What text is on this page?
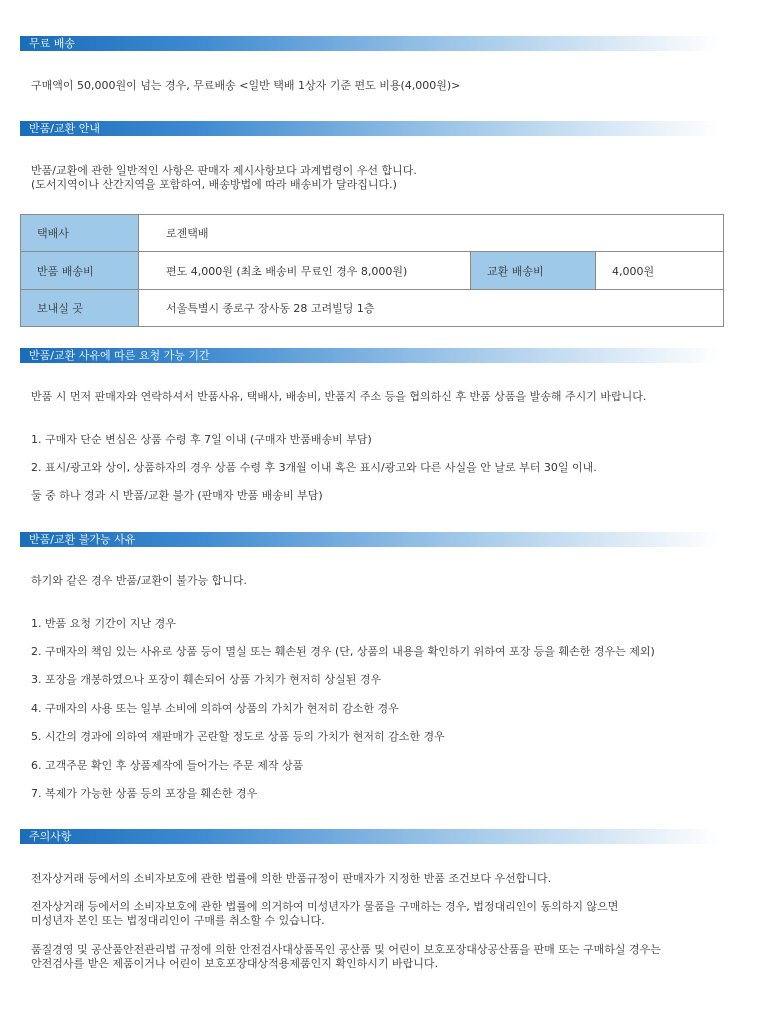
무료 배송
구매액이 50,000원이 넘는 경우, 무료배송 <일반 택배 1상자 기준 편도 비용(4,000원)>
반품/교환 안내
반품/교환에 관한 일반적인 사항은 판매자 제시사항보다 과계법령이 우선 합니다.
(도서지역이나 산간지역을 포함하여, 배송방법에 따라 배송비가 달라집니다.)
택배사	로젠택배		
반품 배송비	편도 4,000원 (최초 배송비 무료인 경우 8,000원)	교환 배송비	4,000원
보내실 곳	서울특별시 종로구 장사동 28 고려빌딩 1층		
반품/교환 사유에 따른 요청 가능 기간
반품 시 먼저 판매자와 연락하셔서 반품사유, 택배사, 배송비, 반품지 주소 등을 협의하신 후 반품 상품을 발송해 주시기 바랍니다.
1. 구매자 단순 변심은 상품 수령 후 7일 이내 (구매자 반품배송비 부담)
2. 표시/광고와 상이, 상품하자의 경우 상품 수령 후 3개월 이내 혹은 표시/광고와 다른 사실을 안 날로 부터 30일 이내.
둘 중 하나 경과 시 반품/교환 불가 (판매자 반품 배송비 부담)
반품/교환 불가능 사유
하기와 같은 경우 반품/교환이 불가능 합니다.
1. 반품 요청 기간이 지난 경우
2. 구매자의 책임 있는 사유로 상품 등이 멸실 또는 훼손된 경우 (단, 상품의 내용을 확인하기 위하여 포장 등을 훼손한 경우는 제외)
3. 포장을 개봉하였으나 포장이 훼손되어 상품 가치가 현저히 상실된 경우
4. 구매자의 사용 또는 일부 소비에 의하여 상품의 가치가 현저히 감소한 경우
5. 시간의 경과에 의하여 재판매가 곤란할 정도로 상품 등의 가치가 현저히 감소한 경우
6. 고객주문 확인 후 상품제작에 들어가는 주문 제작 상품
7. 복제가 가능한 상품 등의 포장을 훼손한 경우
주의사항
전자상거래 등에서의 소비자보호에 관한 법률에 의한 반품규정이 판매자가 지정한 반품 조건보다 우선합니다.
전자상거래 등에서의 소비자보호에 관한 법률에 의거하여 미성년자가 물품을 구매하는 경우, 법정대리인이 동의하지 않으면
미성년자 본인 또는 법정대리인이 구매를 취소할 수 있습니다.
품질경영 및 공산품안전관리법 규정에 의한 안전검사대상품목인 공산품 및 어린이 보호포장대상공산품을 판매 또는 구매하실 경우는
안전검사를 받은 제품이거나 어린이 보호포장대상적용제품인지 확인하시기 바랍니다.
